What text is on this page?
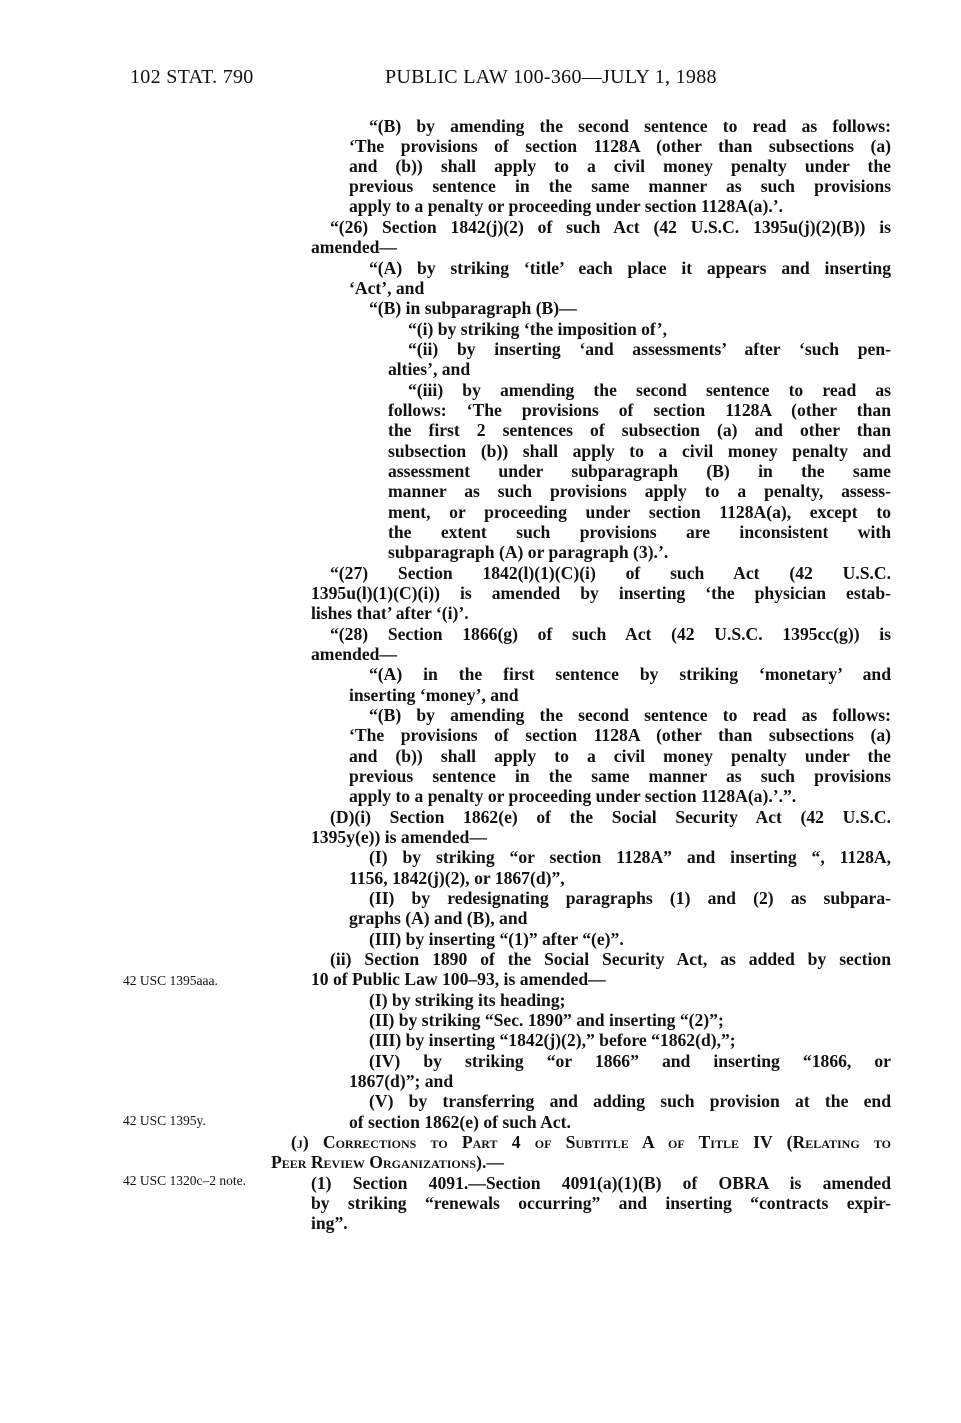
102 STAT. 790	PUBLIC LAW 100-360—JULY 1, 1988

“(B) by amending the second sentence to read as follows:

‘The provisions of section 1128A (other than subsections (a)

and (b)) shall apply to a civil money penalty under the

previous sentence in the same manner as such provisions

apply to a penalty or proceeding under section 1128A(a).’.

“(26) Section 1842(j)(2) of such Act (42 U.S.C. 1395u(j)(2)(B)) is

amended—

“(A) by striking ‘title’ each place it appears and inserting

‘Act’, and

“(B) in subparagraph (B)—

“(i) by striking ‘the imposition of’,

“(ii) by inserting ‘and assessments’ after ‘such pen-

alties’, and

“(iii) by amending the second sentence to read as

follows: ‘The provisions of section 1128A (other than

the first 2 sentences of subsection (a) and other than

subsection (b)) shall apply to a civil money penalty and

assessment under subparagraph (B) in the same

manner as such provisions apply to a penalty, assess-

ment, or proceeding under section 1128A(a), except to

the extent such provisions are inconsistent with

subparagraph (A) or paragraph (3).’.

“(27) Section 1842(l)(1)(C)(i) of such Act (42 U.S.C.

1395u(l)(1)(C)(i)) is amended by inserting ‘the physician estab-

lishes that’ after ‘(i)’.

“(28) Section 1866(g) of such Act (42 U.S.C. 1395cc(g)) is

amended—

“(A) in the first sentence by striking ‘monetary’ and

inserting ‘money’, and

“(B) by amending the second sentence to read as follows:

‘The provisions of section 1128A (other than subsections (a)

and (b)) shall apply to a civil money penalty under the

previous sentence in the same manner as such provisions

apply to a penalty or proceeding under section 1128A(a).’.”.

(D)(i) Section 1862(e) of the Social Security Act (42 U.S.C.

1395y(e)) is amended—

(I) by striking “or section 1128A” and inserting “, 1128A,

1156, 1842(j)(2), or 1867(d)”,

(II) by redesignating paragraphs (1) and (2) as subpara-

graphs (A) and (B), and

(III) by inserting “(1)” after “(e)”.

(ii) Section 1890 of the Social Security Act, as added by section

10 of Public Law 100–93, is amended—

(I) by striking its heading;

(II) by striking “Sec. 1890” and inserting “(2)”;

(III) by inserting “1842(j)(2),” before “1862(d),”;

(IV) by striking “or 1866” and inserting “1866, or

1867(d)”; and

(V) by transferring and adding such provision at the end

of section 1862(e) of such Act.

(j) Corrections to Part 4 of Subtitle A of Title IV (Relating to

Peer Review Organizations).—

(1) Section 4091.—Section 4091(a)(1)(B) of OBRA is amended

by striking “renewals occurring” and inserting “contracts expir-

ing”.

42 USC 1395aaa.
42 USC 1395y.
42 USC 1320c–2 note.
